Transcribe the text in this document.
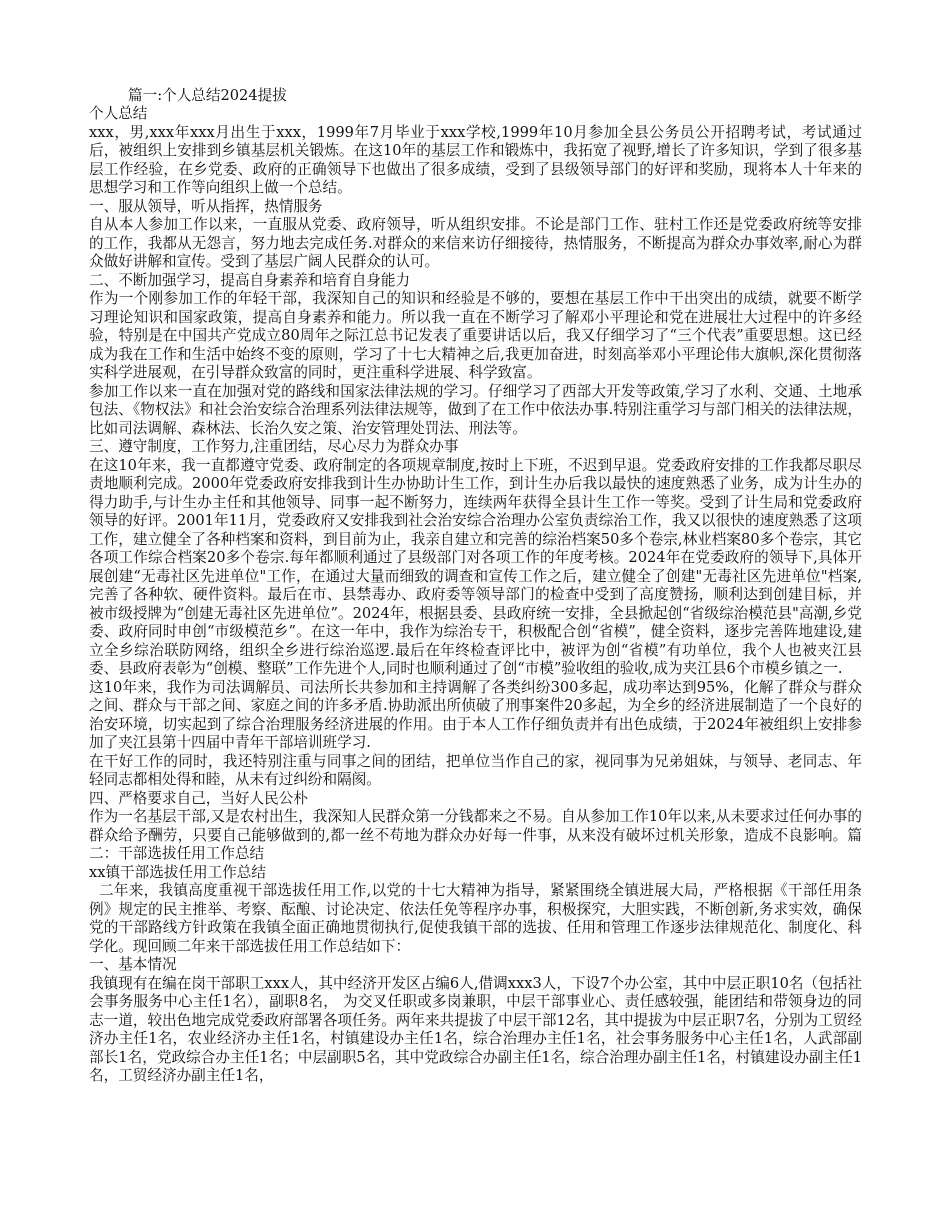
篇一:个人总结2024提拔
个人总结
xxx，男,xxx年xxx月出生于xxx，1999年7月毕业于xxx学校,1999年10月参加全县公务员公开招聘考试，考试通过后，被组织上安排到乡镇基层机关锻炼。在这10年的基层工作和锻炼中，我拓宽了视野,增长了许多知识，学到了很多基层工作经验，在乡党委、政府的正确领导下也做出了很多成绩，受到了县级领导部门的好评和奖励，现将本人十年来的思想学习和工作等向组织上做一个总结。
一、服从领导，听从指挥，热情服务
自从本人参加工作以来，一直服从党委、政府领导，听从组织安排。不论是部门工作、驻村工作还是党委政府统等安排的工作，我都从无怨言，努力地去完成任务.对群众的来信来访仔细接待，热情服务，不断提高为群众办事效率,耐心为群众做好讲解和宣传。受到了基层广阔人民群众的认可。
二、不断加强学习，提高自身素养和培育自身能力
作为一个刚参加工作的年轻干部，我深知自己的知识和经验是不够的，要想在基层工作中干出突出的成绩，就要不断学习理论知识和国家政策，提高自身素养和能力。所以我一直在不断学习了解邓小平理论和党在进展壮大过程中的许多经验，特别是在中国共产党成立80周年之际江总书记发表了重要讲话以后，我又仔细学习了“三个代表”重要思想。这已经成为我在工作和生活中始终不变的原则，学习了十七大精神之后,我更加奋进，时刻高举邓小平理论伟大旗帜,深化贯彻落实科学进展观，在引导群众致富的同时，更注重科学进展、科学致富。
参加工作以来一直在加强对党的路线和国家法律法规的学习。仔细学习了西部大开发等政策,学习了水利、交通、土地承包法、《物权法》和社会治安综合治理系列法律法规等，做到了在工作中依法办事.特别注重学习与部门相关的法律法规，比如司法调解、森林法、长治久安之策、治安管理处罚法、刑法等。
三、遵守制度，工作努力,注重团结，尽心尽力为群众办事
在这10年来，我一直都遵守党委、政府制定的各项规章制度,按时上下班，不迟到早退。党委政府安排的工作我都尽职尽责地顺利完成。2000年党委政府安排我到计生办协助计生工作，到计生办后我以最快的速度熟悉了业务，成为计生办的得力助手,与计生办主任和其他领导、同事一起不断努力，连续两年获得全县计生工作一等奖。受到了计生局和党委政府领导的好评。2001年11月，党委政府又安排我到社会治安综合治理办公室负责综治工作，我又以很快的速度熟悉了这项工作，建立健全了各种档案和资料，到目前为止，我亲自建立和完善的综治档案50多个卷宗,林业档案80多个卷宗，其它各项工作综合档案20多个卷宗.每年都顺利通过了县级部门对各项工作的年度考核。2024年在党委政府的领导下,具体开展创建“无毒社区先进单位"工作，在通过大量而细致的调查和宣传工作之后，建立健全了创建"无毒社区先进单位"档案,完善了各种软、硬件资料。最后在市、县禁毒办、政府委等领导部门的检查中受到了高度赞扬，顺利达到创建目标，并被市级授牌为“创建无毒社区先进单位”。2024年，根据县委、县政府统一安排，全县掀起创“省级综治模范县"高潮,乡党委、政府同时申创“市级模范乡”。在这一年中，我作为综治专干，积极配合创“省模”，健全资料，逐步完善阵地建设,建立全乡综治联防网络，组织全乡进行综治巡逻.最后在年终检查评比中，被评为创“省模”有功单位，我个人也被夹江县委、县政府表彰为“创模、整联”工作先进个人,同时也顺利通过了创“市模”验收组的验收,成为夹江县6个市模乡镇之一.
这10年来，我作为司法调解员、司法所长共参加和主持调解了各类纠纷300多起，成功率达到95%，化解了群众与群众之间、群众与干部之间、家庭之间的许多矛盾.协助派出所侦破了刑事案件20多起，为全乡的经济进展制造了一个良好的治安环境，切实起到了综合治理服务经济进展的作用。由于本人工作仔细负责并有出色成绩，于2024年被组织上安排参加了夹江县第十四届中青年干部培训班学习.
在干好工作的同时，我还特别注重与同事之间的团结，把单位当作自己的家，视同事为兄弟姐妹，与领导、老同志、年轻同志都相处得和睦，从未有过纠纷和隔阂。
四、严格要求自己，当好人民公朴
作为一名基层干部,又是农村出生，我深知人民群众第一分钱都来之不易。自从参加工作10年以来,从未要求过任何办事的群众给予酬劳，只要自己能够做到的,都一丝不苟地为群众办好每一件事，从来没有破坏过机关形象，造成不良影响。篇二：干部选拔任用工作总结
xx镇干部选拔任用工作总结
二年来，我镇高度重视干部选拔任用工作,以党的十七大精神为指导，紧紧围绕全镇进展大局，严格根据《干部任用条例》规定的民主推举、考察、酝酿、讨论决定、依法任免等程序办事，积极探究，大胆实践，不断创新,务求实效，确保党的干部路线方针政策在我镇全面正确地贯彻执行,促使我镇干部的选拔、任用和管理工作逐步法律规范化、制度化、科学化。现回顾二年来干部选拔任用工作总结如下：
一、基本情况
我镇现有在编在岗干部职工xxx人，其中经济开发区占编6人,借调xxx3人，下设7个办公室，其中中层正职10名（包括社会事务服务中心主任1名），副职8名， 为交叉任职或多岗兼职，中层干部事业心、责任感较强，能团结和带领身边的同志一道，较出色地完成党委政府部署各项任务。两年来共提拔了中层干部12名，其中提拔为中层正职7名，分别为工贸经济办主任1名，农业经济办主任1名，村镇建设办主任1名，综合治理办主任1名，社会事务服务中心主任1名，人武部副部长1名，党政综合办主任1名；中层副职5名，其中党政综合办副主任1名，综合治理办副主任1名，村镇建设办副主任1名，工贸经济办副主任1名，
